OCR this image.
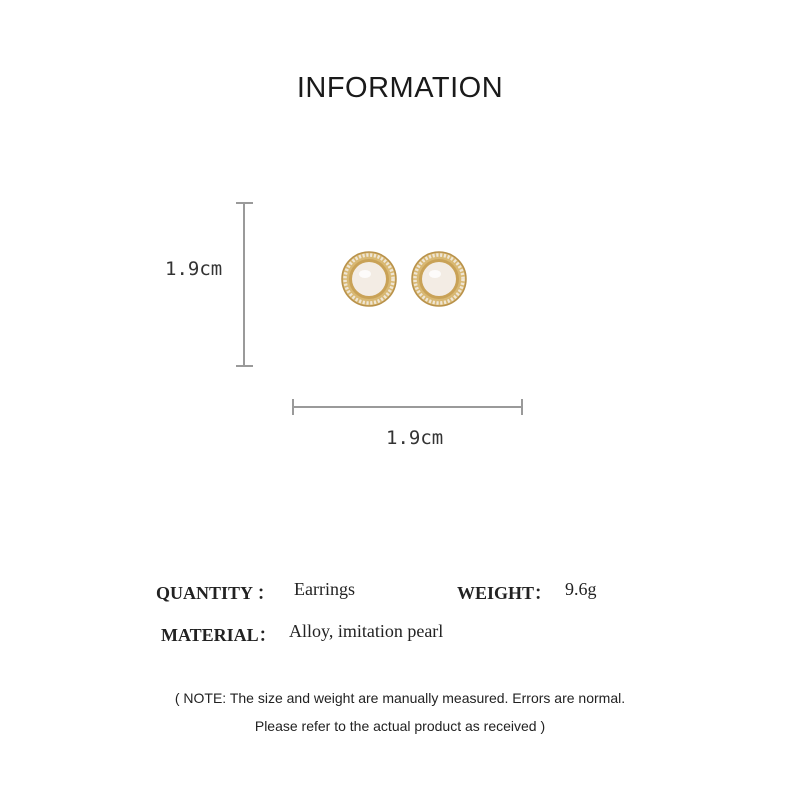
INFORMATION
1.9cm
1.9cm
QUANTITY ： Earrings	WEIGHT： 9.6g
MATERIAL： Alloy, imitation pearl
( NOTE: The size and weight are manually measured. Errors are normal.
Please refer to the actual product as received )
